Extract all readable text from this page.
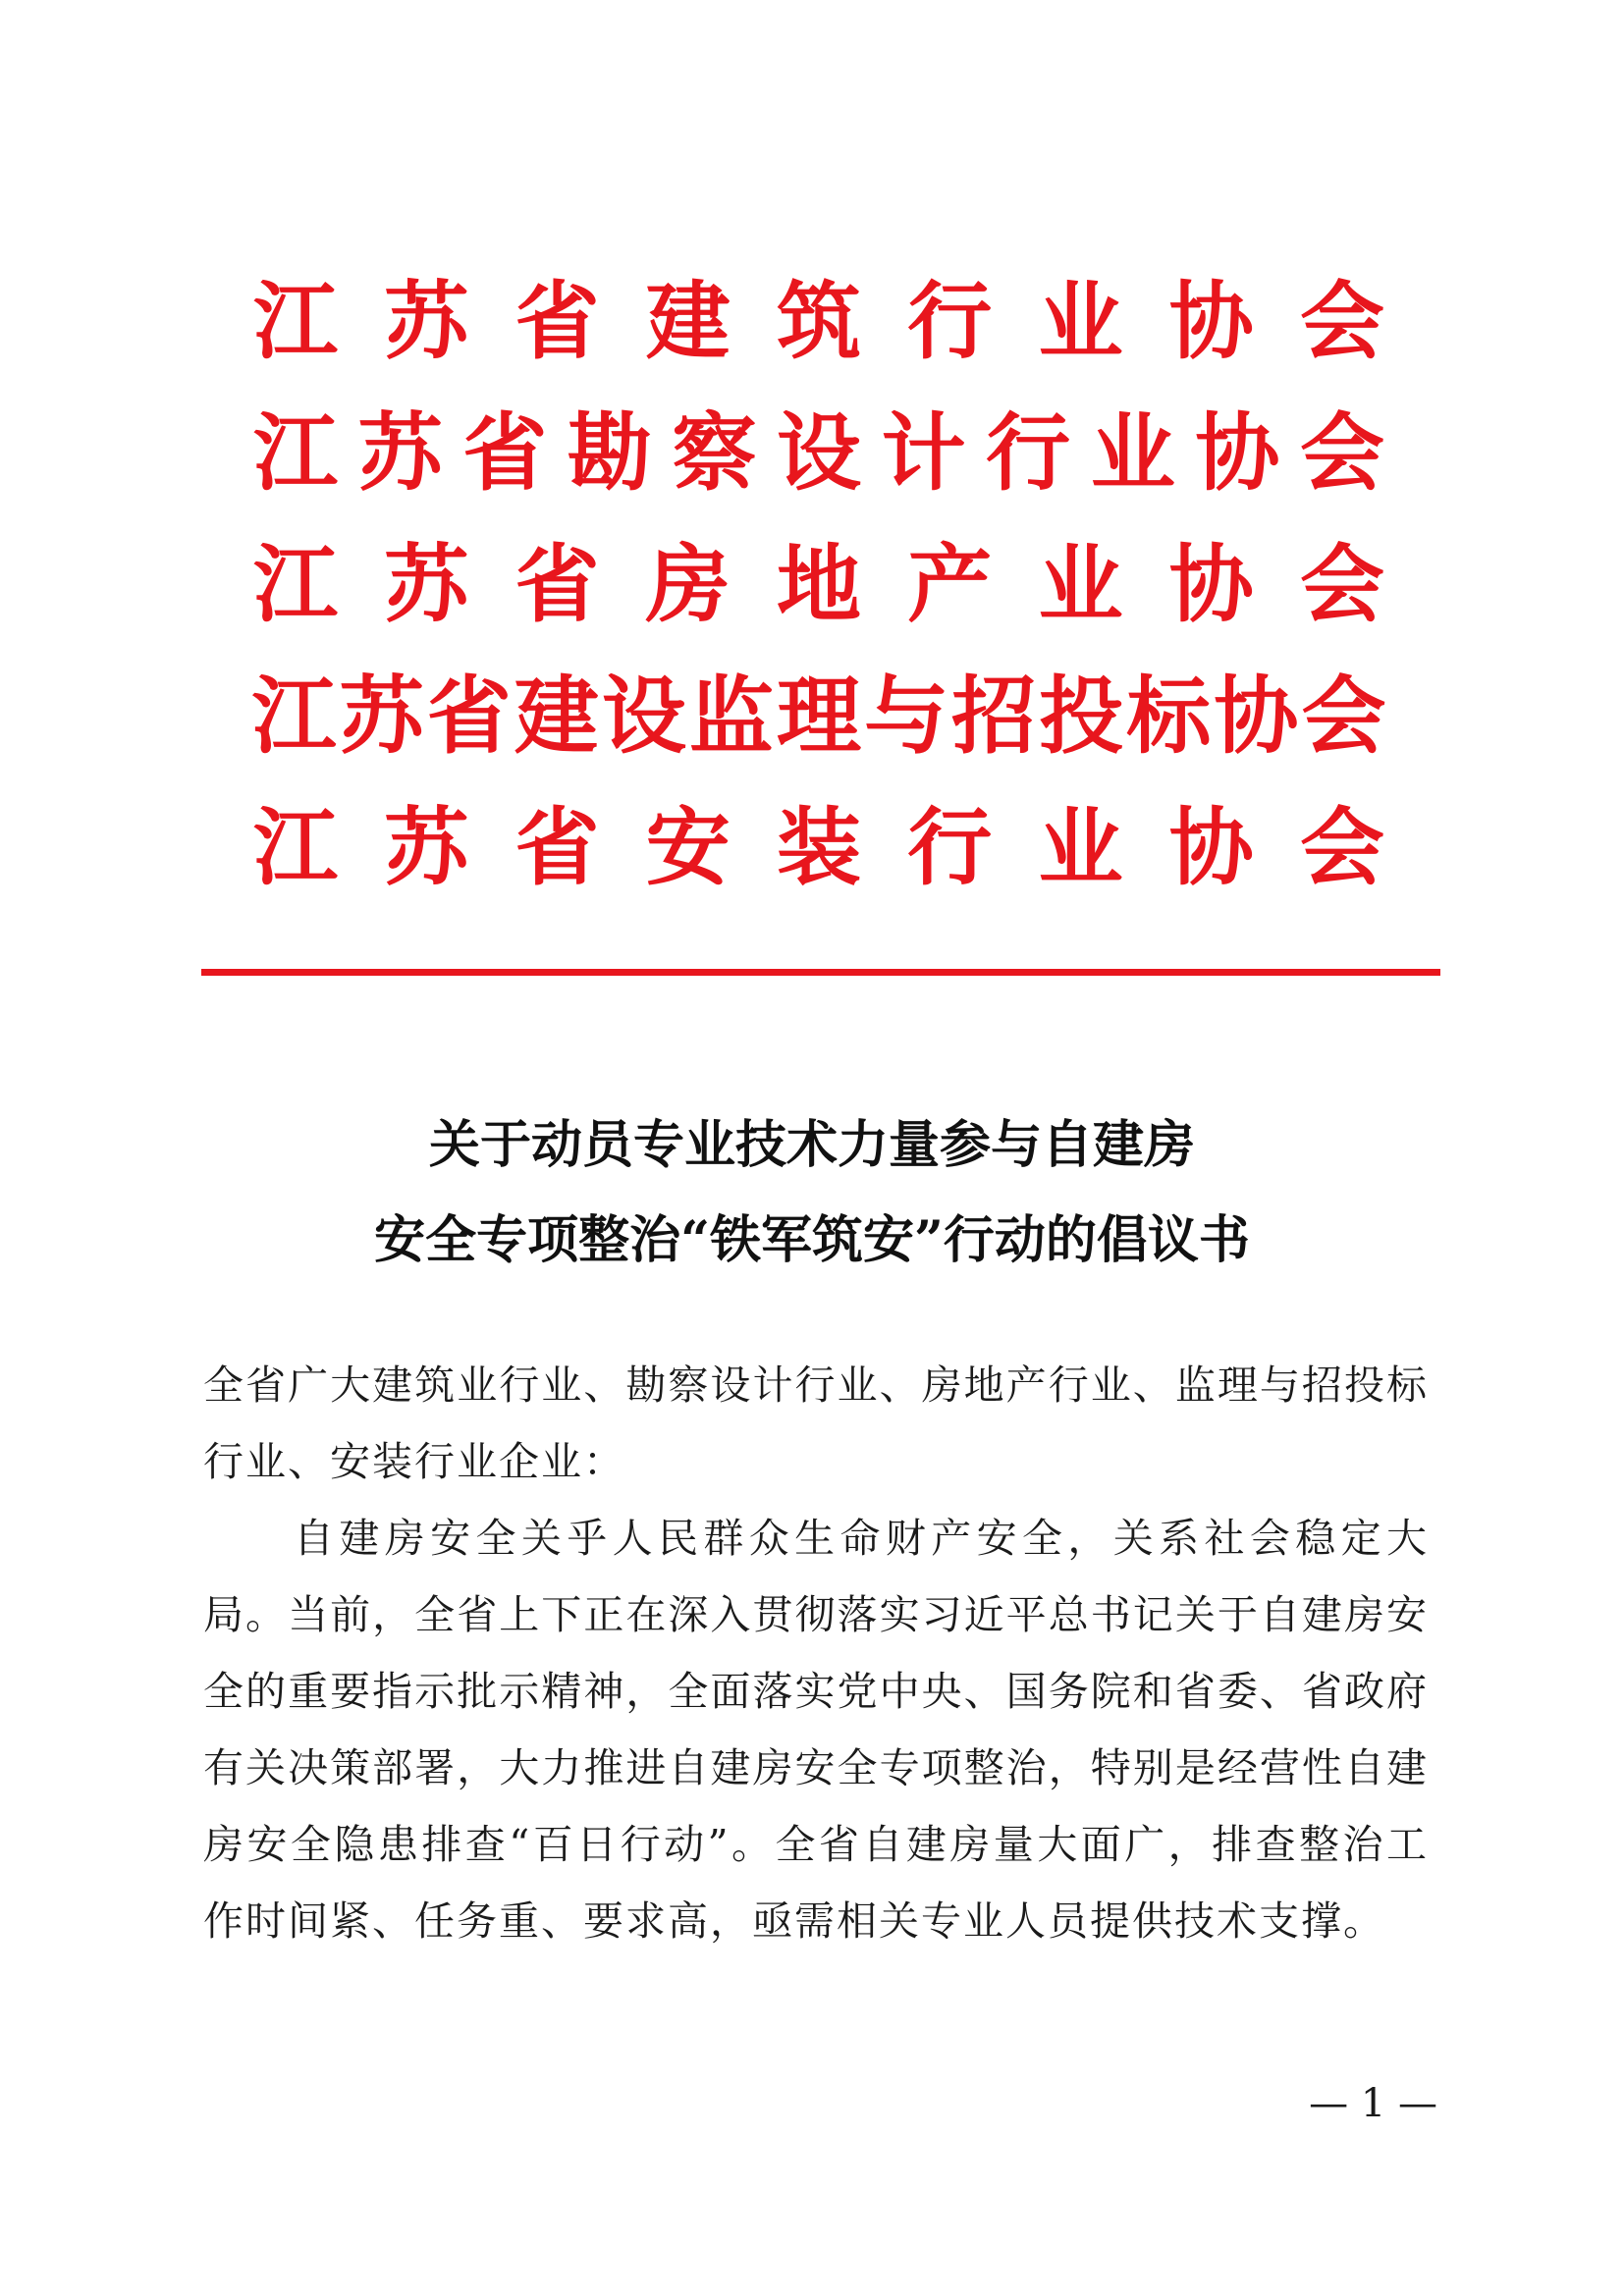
江 苏 省 建 筑 行 业 协 会
江 苏 省 勘 察 设 计 行 业 协 会
江 苏 省 房 地 产 业 协 会
江 苏 省 建 设 监 理 与 招 投 标 协 会
江 苏 省 安 装 行 业 协 会
关于动员专业技术力量参与自建房
安全专项整治“铁军筑安”行动的倡议书

全省广大建筑业行业、勘察设计行业、房地产行业、监理与招投标行业、安装行业企业：

自建房安全关乎人民群众生命财产安全，关系社会稳定大局。当前，全省上下正在深入贯彻落实习近平总书记关于自建房安全的重要指示批示精神，全面落实党中央、国务院和省委、省政府有关决策部署，大力推进自建房安全专项整治，特别是经营性自建房安全隐患排查“百日行动”。全省自建房量大面广，排查整治工作时间紧、任务重、要求高，亟需相关专业人员提供技术支撑。

— 1 —
